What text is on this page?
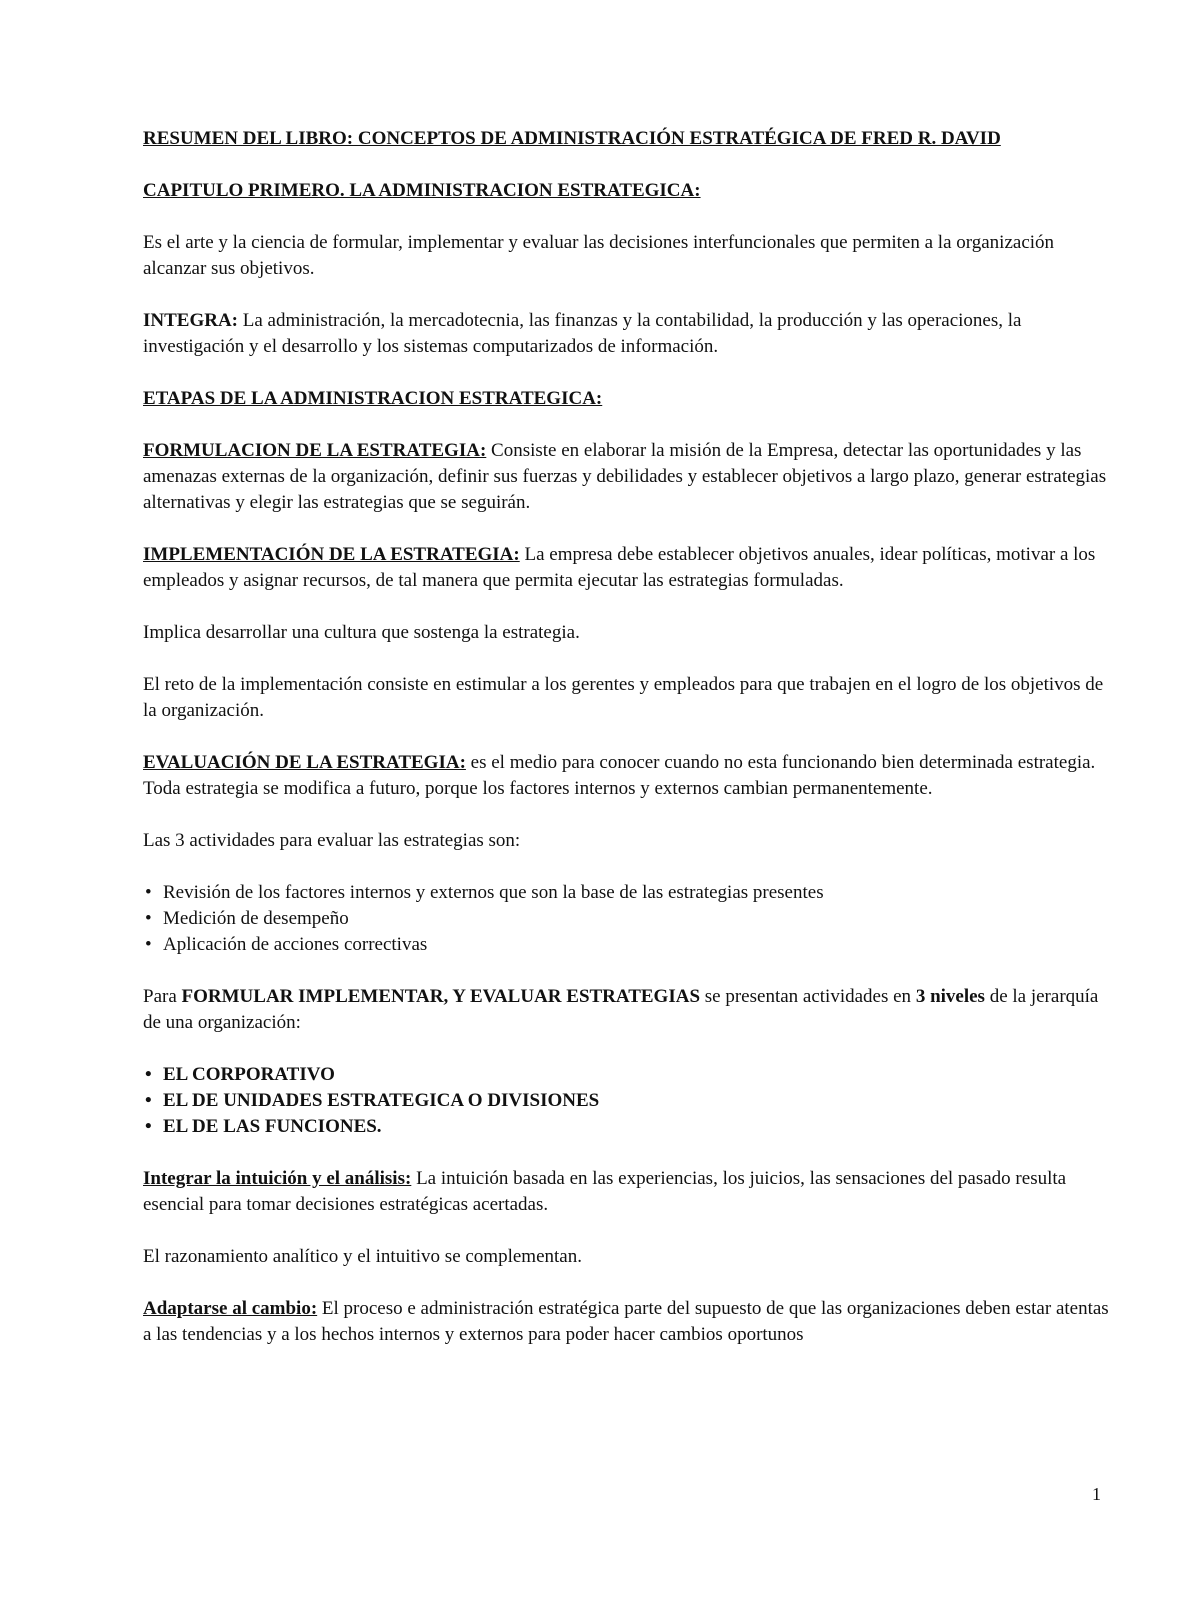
RESUMEN DEL LIBRO: CONCEPTOS DE ADMINISTRACIÓN ESTRATÉGICA DE FRED R. DAVID

CAPITULO PRIMERO. LA ADMINISTRACION ESTRATEGICA:

Es el arte y la ciencia de formular, implementar y evaluar las decisiones interfuncionales que permiten a la organización alcanzar sus objetivos.

INTEGRA: La administración, la mercadotecnia, las finanzas y la contabilidad, la producción y las operaciones, la investigación y el desarrollo y los sistemas computarizados de información.

ETAPAS DE LA ADMINISTRACION ESTRATEGICA:

FORMULACION DE LA ESTRATEGIA: Consiste en elaborar la misión de la Empresa, detectar las oportunidades y las amenazas externas de la organización, definir sus fuerzas y debilidades y establecer objetivos a largo plazo, generar estrategias alternativas y elegir las estrategias que se seguirán.

IMPLEMENTACIÓN DE LA ESTRATEGIA: La empresa debe establecer objetivos anuales, idear políticas, motivar a los empleados y asignar recursos, de tal manera que permita ejecutar las estrategias formuladas.

Implica desarrollar una cultura que sostenga la estrategia.

El reto de la implementación consiste en estimular a los gerentes y empleados para que trabajen en el logro de los objetivos de la organización.

EVALUACIÓN DE LA ESTRATEGIA: es el medio para conocer cuando no esta funcionando bien determinada estrategia. Toda estrategia se modifica a futuro, porque los factores internos y externos cambian permanentemente.

Las 3 actividades para evaluar las estrategias son:

• Revisión de los factores internos y externos que son la base de las estrategias presentes
• Medición de desempeño
• Aplicación de acciones correctivas

Para FORMULAR IMPLEMENTAR, Y EVALUAR ESTRATEGIAS se presentan actividades en 3 niveles de la jerarquía de una organización:

• EL CORPORATIVO
• EL DE UNIDADES ESTRATEGICA O DIVISIONES
• EL DE LAS FUNCIONES.

Integrar la intuición y el análisis: La intuición basada en las experiencias, los juicios, las sensaciones del pasado resulta esencial para tomar decisiones estratégicas acertadas.

El razonamiento analítico y el intuitivo se complementan.

Adaptarse al cambio: El proceso e administración estratégica parte del supuesto de que las organizaciones deben estar atentas a las tendencias y a los hechos internos y externos para poder hacer cambios oportunos

1
